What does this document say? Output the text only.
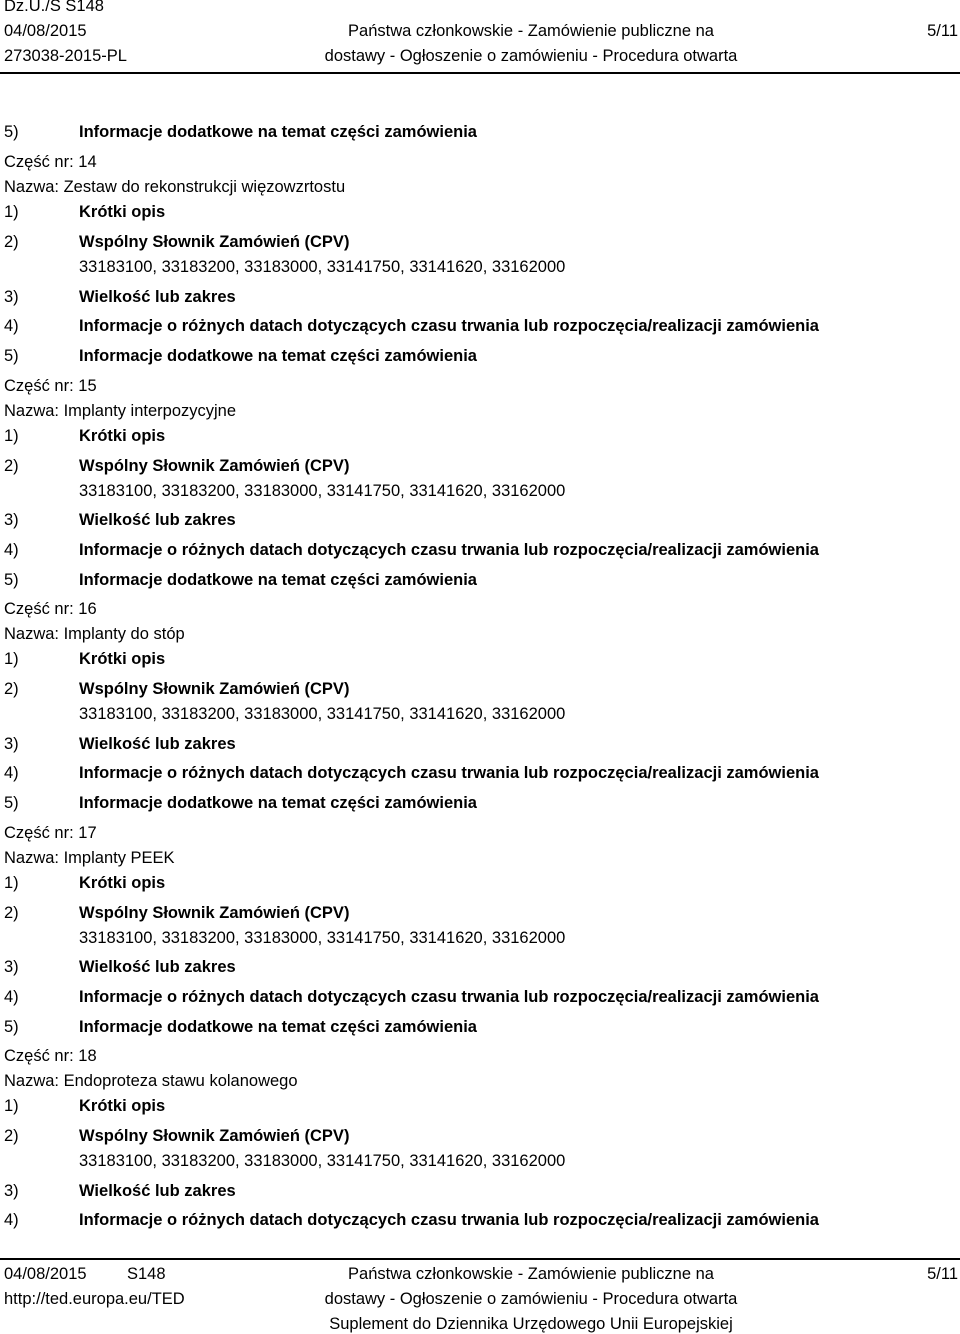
Dz.U./S S148
04/08/2015
273038-2015-PL
Państwa członkowskie - Zamówienie publiczne na
dostawy - Ogłoszenie o zamówieniu - Procedura otwarta
5/11
5)	Informacje dodatkowe na temat części zamówienia
Część nr: 14
Nazwa: Zestaw do rekonstrukcji więzowzrtostu
1)	Krótki opis
2)	Wspólny Słownik Zamówień (CPV)
33183100, 33183200, 33183000, 33141750, 33141620, 33162000
3)	Wielkość lub zakres
4)	Informacje o różnych datach dotyczących czasu trwania lub rozpoczęcia/realizacji zamówienia
5)	Informacje dodatkowe na temat części zamówienia
Część nr: 15
Nazwa: Implanty interpozycyjne
1)	Krótki opis
2)	Wspólny Słownik Zamówień (CPV)
33183100, 33183200, 33183000, 33141750, 33141620, 33162000
3)	Wielkość lub zakres
4)	Informacje o różnych datach dotyczących czasu trwania lub rozpoczęcia/realizacji zamówienia
5)	Informacje dodatkowe na temat części zamówienia
Część nr: 16
Nazwa: Implanty do stóp
1)	Krótki opis
2)	Wspólny Słownik Zamówień (CPV)
33183100, 33183200, 33183000, 33141750, 33141620, 33162000
3)	Wielkość lub zakres
4)	Informacje o różnych datach dotyczących czasu trwania lub rozpoczęcia/realizacji zamówienia
5)	Informacje dodatkowe na temat części zamówienia
Część nr: 17
Nazwa: Implanty PEEK
1)	Krótki opis
2)	Wspólny Słownik Zamówień (CPV)
33183100, 33183200, 33183000, 33141750, 33141620, 33162000
3)	Wielkość lub zakres
4)	Informacje o różnych datach dotyczących czasu trwania lub rozpoczęcia/realizacji zamówienia
5)	Informacje dodatkowe na temat części zamówienia
Część nr: 18
Nazwa: Endoproteza stawu kolanowego
1)	Krótki opis
2)	Wspólny Słownik Zamówień (CPV)
33183100, 33183200, 33183000, 33141750, 33141620, 33162000
3)	Wielkość lub zakres
4)	Informacje o różnych datach dotyczących czasu trwania lub rozpoczęcia/realizacji zamówienia
04/08/2015 S148
http://ted.europa.eu/TED
Państwa członkowskie - Zamówienie publiczne na
dostawy - Ogłoszenie o zamówieniu - Procedura otwarta
Suplement do Dziennika Urzędowego Unii Europejskiej
5/11
